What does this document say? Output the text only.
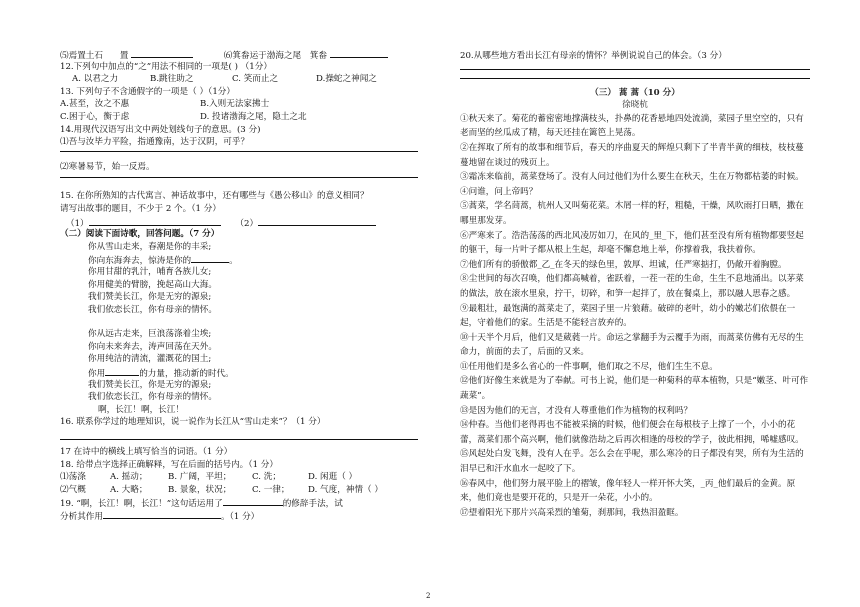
⑸焉置土石 置	⑹箕畚运于渤海之尾 箕畚
12.下列句中加点的“之”用法不相同的一项是( ) （1分）
A. 以君之力	B.跳往助之	C. 笑而止之	D.操蛇之神闻之
13. 下列句子不含通假字的一项是（ ）（1分）
A.甚至，汝之不惠	B.入则无法家拂士
C.困于心，衡于虑	D. 投诸渤海之尾，隐土之北
14.用现代汉语写出文中两处划线句子的意思。(3 分)
⑴吾与汝毕力平险，指通豫南，达于汉阴，可乎？
⑵寒暑易节，始一反焉。
15. 在你所熟知的古代寓言、神话故事中，还有哪些与《愚公移山》的意义相同？
请写出故事的题目，不少于 2 个。（1 分）
（1）	（2）
（二）阅读下面诗歌，回答问题。（7 分）
你从雪山走来，春潮是你的丰采;
你向东海奔去，惊涛是你的	。
你用甘甜的乳汁，哺育各族儿女;
你用健美的臂膀，挽起高山大海。
我们赞美长江，你是无穷的源泉;
我们依恋长江，你有母亲的情怀。
你从远古走来，巨浪荡涤着尘埃;
你向未来奔去，涛声回荡在天外。
你用纯洁的清流，灌溉花的国土;
你用	的力量，推动新的时代。
我们赞美长江，你是无穷的源泉;
我们依恋长江，你有母亲的情怀。
啊，长江！啊，长江！
16. 联系你学过的地理知识，说一说作为长江从“雪山走来”？（1 分）
17 在诗中的横线上填写恰当的词语。（1 分）
18. 给带点字选择正确解释，写在后面的括号内。（1 分）
⑴荡涤	A. 摇动； B. 广阔，平坦； C. 洗；	D. 闲逛（ ）
⑵气概	A. 大略； B. 景象，状况； C. 一律； D. 气度，神情（ ）
19. “啊，长江！啊，长江！”这句话运用了	的修辞手法，试
分析其作用	。（1 分）
20.从哪些地方看出长江有母亲的情怀？举例说说自己的体会。（3 分）
（三） 蒿 蒿（10 分）
徐晓杭
①秋天来了。菊花的蓄密密地撑满枝头，扑鼻的花香悬地四处流淌，菜园子里空空的，只有老而坚的丝瓜成了精，每天还挂在篱笆上晃荡。
②在挥取了所有的故事和细节后，春天的序曲夏天的辉煌只剩下了半青半黄的细枝，枝枝蔓蔓地留在谈过的残页上。
③霜冻来临前，蒿菜登场了。没有人问过他们为什么要生在秋天，生在万物都枯萎的时候。
④问谁，问上帝吗？
⑤蒿菜，学名茼蒿，杭州人又叫菊花菜。木屑一样的籽，粗糙，干燥，风吹雨打日晒，撒在哪里那发芽。
⑥严寒来了。浩浩荡荡的西北风凌厉如刀，在风的_里_下，他们甚至没有所有植物都要竖起的躯干，每一片叶子都从根上生起，却毫不懈怠地上举，你撑着我，我扶着你。
⑦他们所有的骄傲都_乙_在冬天的绿色里，敦厚、坦诚，任严寒掂打，仍敞开着胸膛。
⑧尘世间的每次召唤，他们都高喊着，雀跃着，一茬一茬的生命，生生不息地涌出。以茅菜的做法，放在滚水里泉，拧干，切碎，和笋一起拌了，放在餐桌上，那以融人思春之感。
⑨最粗壮，最饱满的蒿菜走了，菜园子里一片狼藉。破碎的老叶，幼小的嫩芯们依偎在一起，守着他们的家。生活是不能轻言放弃的。
⑩十天半个月后，他们又是葳蕤一片。命运之掌翻手为云覆手为雨，而蒿菜仿佛有无尽的生命力，前面的去了，后面的又来。
⑪任用他们是多么省心的一件事啊，他们取之不尽，他们生生不息。
⑫他们好像生来就是为了奉献。可书上说，他们是一种菊科的草本植物，只是“嫩茎、叶可作蔬菜”。
⑬是因为他们的无言，才没有人尊重他们作为植物的权利吗？
⑭仲春。当他们老得再也不能被采摘的时候，他们便会在每根枝子上撑了一个，小小的花蕾，蒿菜们那个高兴啊，他们就像浩劫之后再次相逢的母校的学子，彼此相拥，唏嘘感叹。
⑮风起处白发飞舞，没有人在乎。怎么会在乎呢，那么寒冷的日子都没有哭，所有为生活的泪早已和汗水血水一起咬了下。
⑯春风中，他们努力展平脸上的褶皱，像年轻人一样开怀大笑，_丙_他们最后的金黄。原来，他们竟也是要开花的，只是开一朵花，小小的。
⑰望着阳光下那片兴高采烈的雏菊，刹那间，我热泪盈眶。
2
